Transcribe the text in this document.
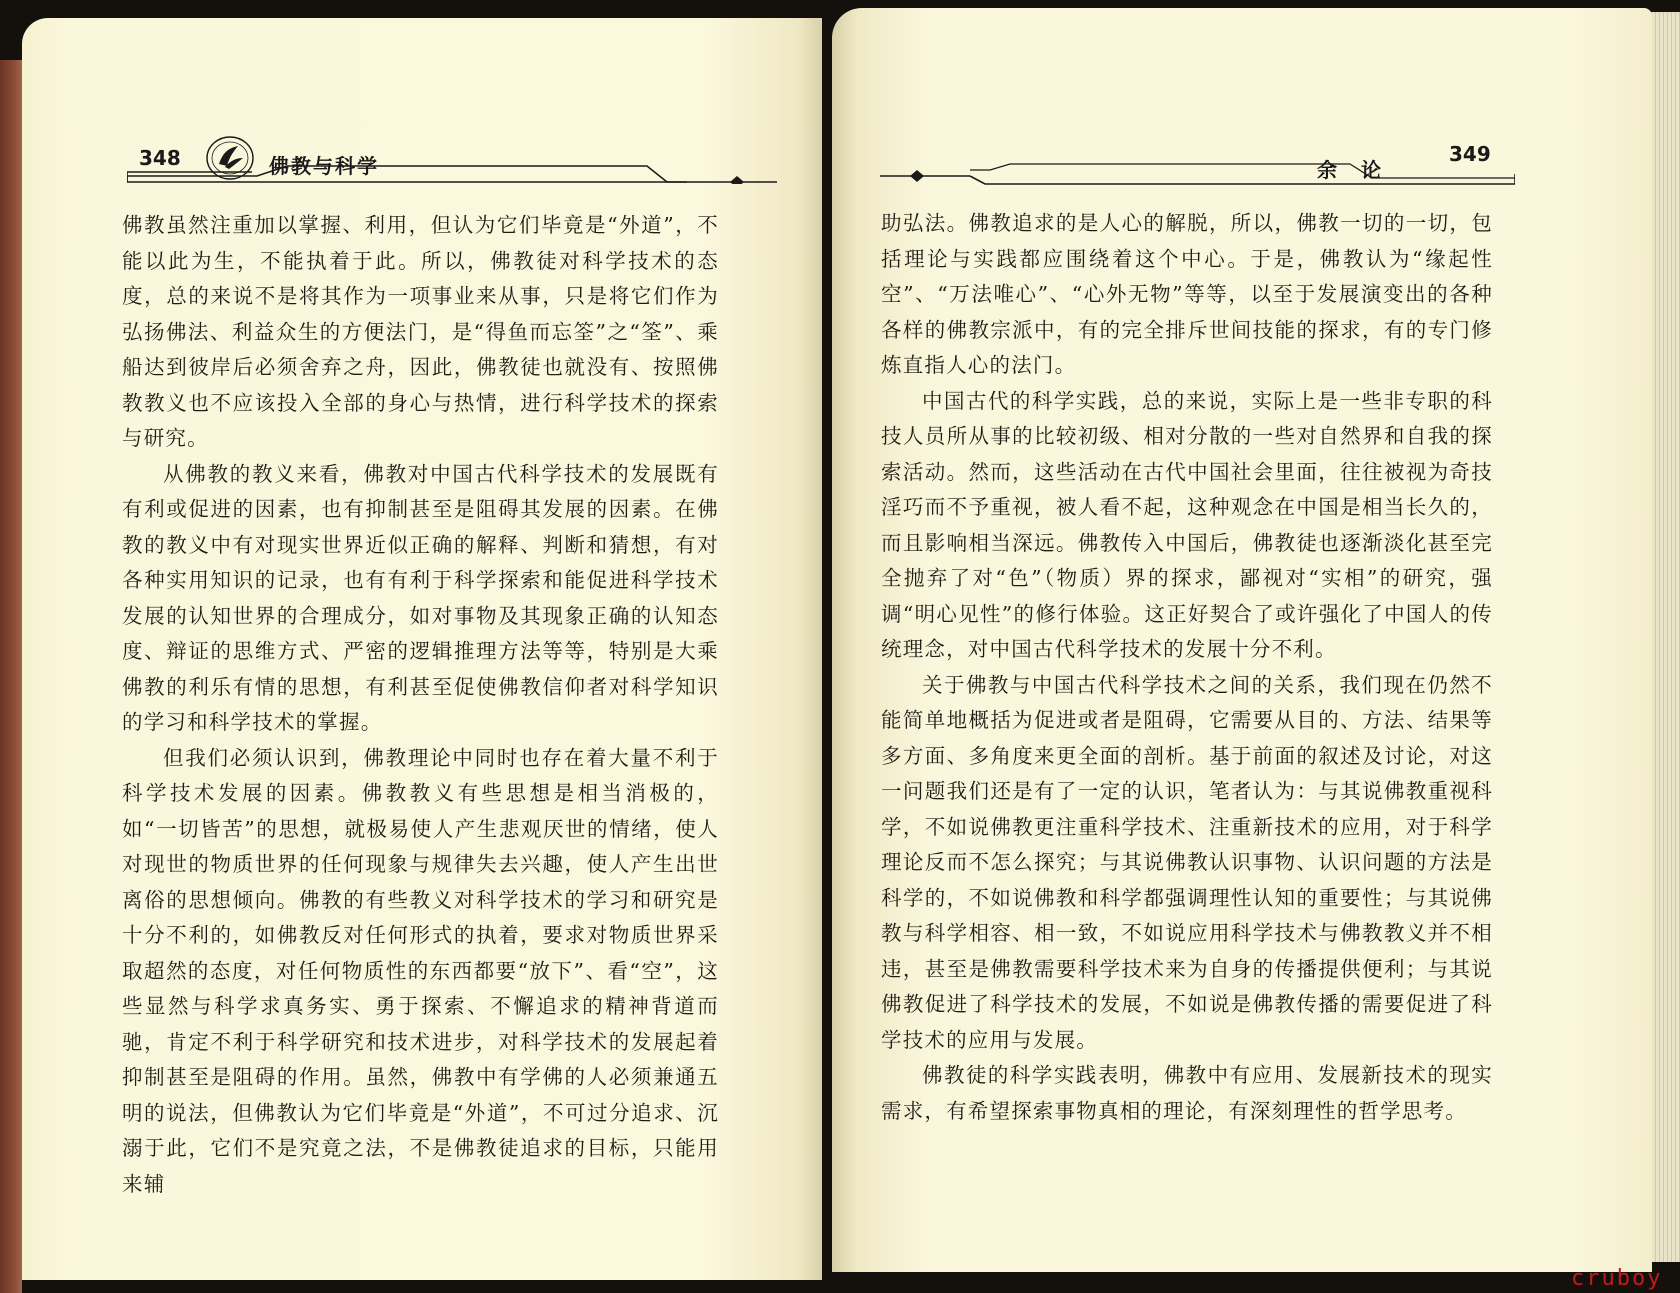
348	佛教与科学

佛教虽然注重加以掌握、利用，但认为它们毕竟是“外道”，不能以此为生，不能执着于此。所以，佛教徒对科学技术的态度，总的来说不是将其作为一项事业来从事，只是将它们作为弘扬佛法、利益众生的方便法门，是“得鱼而忘筌”之“筌”、乘船达到彼岸后必须舍弃之舟，因此，佛教徒也就没有、按照佛教教义也不应该投入全部的身心与热情，进行科学技术的探索与研究。

从佛教的教义来看，佛教对中国古代科学技术的发展既有有利或促进的因素，也有抑制甚至是阻碍其发展的因素。在佛教的教义中有对现实世界近似正确的解释、判断和猜想，有对各种实用知识的记录，也有有利于科学探索和能促进科学技术发展的认知世界的合理成分，如对事物及其现象正确的认知态度、辩证的思维方式、严密的逻辑推理方法等等，特别是大乘佛教的利乐有情的思想，有利甚至促使佛教信仰者对科学知识的学习和科学技术的掌握。

但我们必须认识到，佛教理论中同时也存在着大量不利于科学技术发展的因素。佛教教义有些思想是相当消极的，如“一切皆苦”的思想，就极易使人产生悲观厌世的情绪，使人对现世的物质世界的任何现象与规律失去兴趣，使人产生出世离俗的思想倾向。佛教的有些教义对科学技术的学习和研究是十分不利的，如佛教反对任何形式的执着，要求对物质世界采取超然的态度，对任何物质性的东西都要“放下”、看“空”，这些显然与科学求真务实、勇于探索、不懈追求的精神背道而驰，肯定不利于科学研究和技术进步，对科学技术的发展起着抑制甚至是阻碍的作用。虽然，佛教中有学佛的人必须兼通五明的说法，但佛教认为它们毕竟是“外道”，不可过分追求、沉溺于此，它们不是究竟之法，不是佛教徒追求的目标，只能用来辅

余　论
349

助弘法。佛教追求的是人心的解脱，所以，佛教一切的一切，包括理论与实践都应围绕着这个中心。于是，佛教认为“缘起性空”、“万法唯心”、“心外无物”等等，以至于发展演变出的各种各样的佛教宗派中，有的完全排斥世间技能的探求，有的专门修炼直指人心的法门。

中国古代的科学实践，总的来说，实际上是一些非专职的科技人员所从事的比较初级、相对分散的一些对自然界和自我的探索活动。然而，这些活动在古代中国社会里面，往往被视为奇技淫巧而不予重视，被人看不起，这种观念在中国是相当长久的，而且影响相当深远。佛教传入中国后，佛教徒也逐渐淡化甚至完全抛弃了对“色”（物质）界的探求，鄙视对“实相”的研究，强调“明心见性”的修行体验。这正好契合了或许强化了中国人的传统理念，对中国古代科学技术的发展十分不利。

关于佛教与中国古代科学技术之间的关系，我们现在仍然不能简单地概括为促进或者是阻碍，它需要从目的、方法、结果等多方面、多角度来更全面的剖析。基于前面的叙述及讨论，对这一问题我们还是有了一定的认识，笔者认为：与其说佛教重视科学，不如说佛教更注重科学技术、注重新技术的应用，对于科学理论反而不怎么探究；与其说佛教认识事物、认识问题的方法是科学的，不如说佛教和科学都强调理性认知的重要性；与其说佛教与科学相容、相一致，不如说应用科学技术与佛教教义并不相违，甚至是佛教需要科学技术来为自身的传播提供便利；与其说佛教促进了科学技术的发展，不如说是佛教传播的需要促进了科学技术的应用与发展。

佛教徒的科学实践表明，佛教中有应用、发展新技术的现实需求，有希望探索事物真相的理论，有深刻理性的哲学思考。

cruboy
